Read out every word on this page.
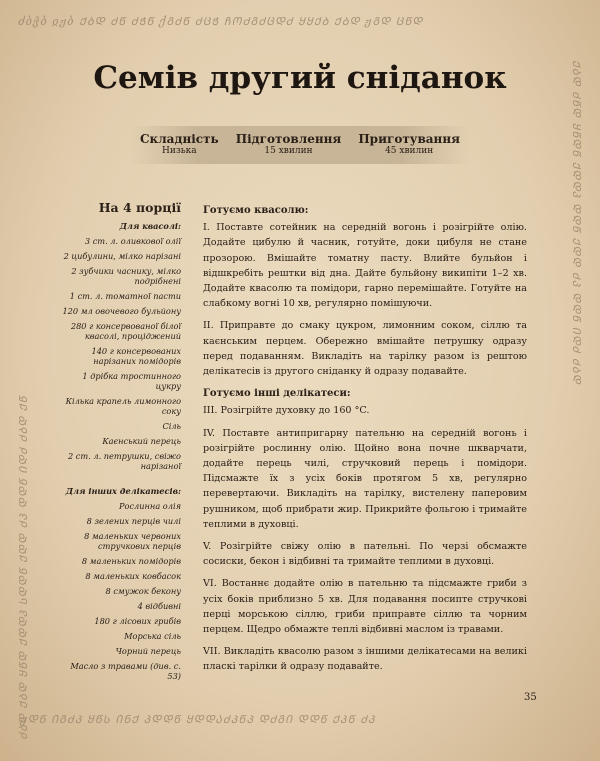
ძბჭბ ჲჟბ ᲥᲑᲓ ᲫᲬ ᲫᲭᲬ ქᲒᲫᲬ ᲫᲪᲭ ᲩᲝᲫᲒᲫᲪᲓᲫ ᲧᲧᲥᲑ ᲥᲑᲓ ჟᲒᲓ ᲪᲬᲓ
ჟᲓᲬ ᲘᲒᲫᲞ ᲧᲬᲡ ᲘᲜᲥ ᲞᲓᲓᲬ ᲧᲓᲓᲐᲫᲞᲬᲞ ᲓᲫᲒᲘ ᲓᲓᲬ ᲥᲞᲬ ᲫᲞ
ᲫᲑᲓ ᲥᲑᲓ ᲧᲬᲓ ᲥᲓᲓᲞ ᲡᲓᲓᲬ ᲥᲓᲓ ᲫᲞ ᲓᲓᲬ ᲘᲓᲫ ᲫᲑᲓ ᲥᲬ
ᲥᲑᲓ ᲫᲬᲓ ᲧᲬᲓᲬ ᲥᲓᲓᲞ ᲓᲓᲬ ᲥᲓᲓ ᲫᲞ ᲓᲓᲬ ᲘᲓᲫ ᲫᲑᲓ
Семів другий сніданок
Складність
Низька
Підготовлення
15 хвилин
Приготування
45 хвилин
На 4 порції
Для квасолі:
3 ст. л. оливкової олії
2 цибулини, мілко нарізані
2 зубчики часнику, мілко подрібнені
1 ст. л. томатної пасти
120 мл овочевого бульйону
280 г консервованої білої квасолі, проціджений
140 г консервованих нарізаних помідорів
1 дрібка тростинного цукру
Кілька крапель лимонного соку
Сіль
Каєнський перець
2 ст. л. петрушки, свіжо нарізаної
Для інших делікатесів:
Рослинна олія
8 зелених перців чилі
8 маленьких червоних стручкових перців
8 маленьких помідорів
8 маленьких ковбасок
8 смужок бекону
4 відбивні
180 г лісових грибів
Морська сіль
Чорний перець
Масло з травами (див. с. 53)
Готуємо квасолю:

I. Поставте сотейник на середній вогонь і розігрійте олію. Додайте цибулю й часник, готуйте, доки цибуля не стане прозорою. Вмішайте томатну пасту. Влийте бульйон і відшкребіть рештки від дна. Дайте бульйону википіти 1–2 хв. Додайте квасолю та помідори, гарно перемішайте. Готуйте на слабкому вогні 10 хв, регулярно помішуючи.

II. Приправте до смаку цукром, лимонним соком, сіллю та каєнським перцем. Обережно вмішайте петрушку одразу перед подаванням. Викладіть на тарілку разом із рештою делікатесів із другого сніданку й одразу подавайте.

Готуємо інші делікатеси:

III. Розігрійте духовку до 160 °C.

IV. Поставте антипригарну пательню на середній вогонь і розігрійте рослинну олію. Щойно вона почне шкварчати, додайте перець чилі, стручковий перець і помідори. Підсмажте їх з усіх боків протягом 5 хв, регулярно перевертаючи. Викладіть на тарілку, вистелену паперовим рушником, щоб прибрати жир. Прикрийте фольгою і тримайте теплими в духовці.

V. Розігрійте свіжу олію в пательні. По черзі обсмажте сосиски, бекон і відбивні та тримайте теплими в духовці.

VI. Востаннє додайте олію в пательню та підсмажте гриби з усіх боків приблизно 5 хв. Для подавання посипте стручкові перці морською сіллю, гриби приправте сіллю та чорним перцем. Щедро обмажте теплі відбивні маслом із травами.

VII. Викладіть квасолю разом з іншими делікатесами на великі пласкі тарілки й одразу подавайте.

35
